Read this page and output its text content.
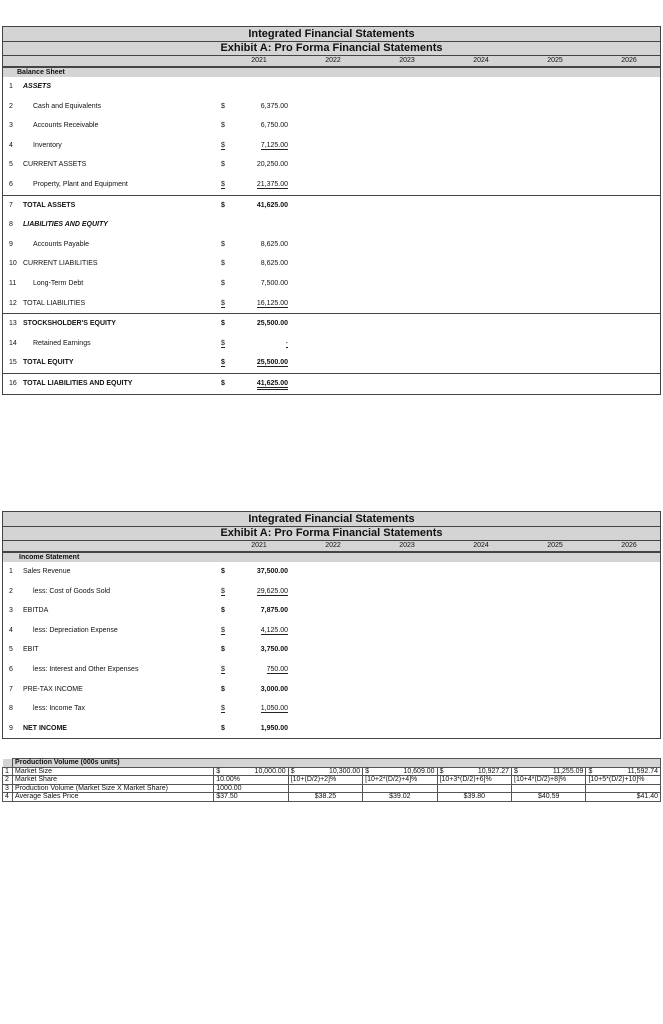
Integrated Financial Statements
Exhibit A: Pro Forma Financial Statements
2021	2022	2023	2024	2025	2026
Balance Sheet
1 ASSETS
2	Cash and Equivalents	$	6,375.00
3	Accounts Receivable	$	6,750.00
4	Inventory	$	7,125.00
5 CURRENT ASSETS	$	20,250.00
6	Property, Plant and Equipment	$	21,375.00
7 TOTAL ASSETS	$	41,625.00
8 LIABILITIES AND EQUITY
9	Accounts Payable	$	8,625.00
10 CURRENT LIABILITIES	$	8,625.00
11 Long-Term Debt	$	7,500.00
12 TOTAL LIABILITIES	$	16,125.00
13 STOCKSHOLDER'S EQUITY	$	25,500.00
14 Retained Earnings	$	-
15 TOTAL EQUITY	$	25,500.00
16 TOTAL LIABILITIES AND EQUITY	$	41,625.00
Integrated Financial Statements
Exhibit A: Pro Forma Financial Statements
2021	2022	2023	2024	2025	2026
Income Statement
1 Sales Revenue	$	37,500.00
2	less: Cost of Goods Sold	$	29,625.00
3 EBITDA	$	7,875.00
4	less: Depreciation Expense	$	4,125.00
5 EBIT	$	3,750.00
6	less: Interest and Other Expenses	$	750.00
7 PRE-TAX INCOME	$	3,000.00
8	less: Income Tax	$	1,050.00
9 NET INCOME	$	1,950.00
	Production Volume (000s units)						
1	Market Size	$ 10,000.00	$ 10,300.00	$ 10,609.00	$ 10,927.27	$ 11,255.09	$ 11,592.74

2	Market Share	10.00%	[10+(D/2)+2]%	[10+2*(D/2)+4]%	[10+3*(D/2)+6]%	[10+4*(D/2)+8]%	[10+5*(D/2)+10]%
3	Production Volume (Market Size X Market Share)	1000.00					
4	Average Sales Price	$37.50	$38.25	$39.02	$39.80	$40.59	$41.40
